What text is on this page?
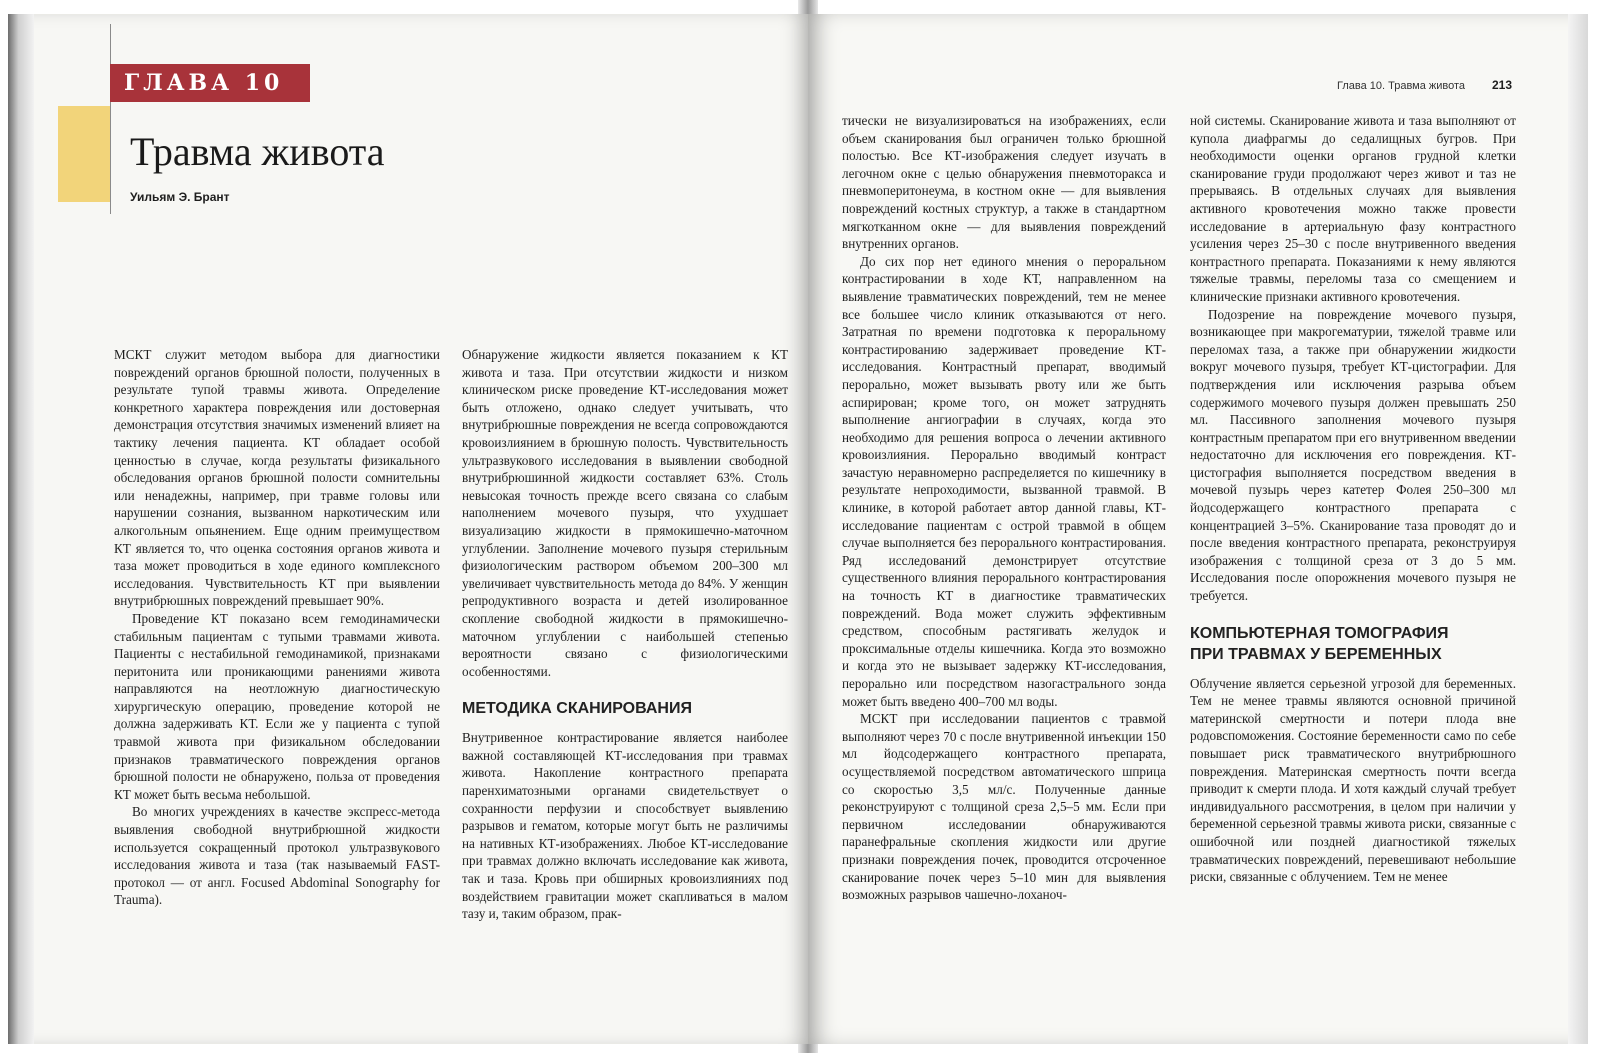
ГЛАВА 10
Травма живота
Уильям Э. Брант

МСКТ служит методом выбора для диагностики повреждений органов брюшной полости, полученных в результате тупой травмы живота. Определение конкретного характера повреждения или достоверная демонстрация отсутствия значимых изменений влияет на тактику лечения пациента. КТ обладает особой ценностью в случае, когда результаты физикального обследования органов брюшной полости сомнительны или ненадежны, например, при травме головы или нарушении сознания, вызванном наркотическим или алкогольным опьянением. Еще одним преимуществом КТ является то, что оценка состояния органов живота и таза может проводиться в ходе единого комплексного исследования. Чувствительность КТ при выявлении внутрибрюшных повреждений превышает 90%.

Проведение КТ показано всем гемодинамически стабильным пациентам с тупыми травмами живота. Пациенты с нестабильной гемодинамикой, признаками перитонита или проникающими ранениями живота направляются на неотложную диагностическую хирургическую операцию, проведение которой не должна задерживать КТ. Если же у пациента с тупой травмой живота при физикальном обследовании признаков травматического повреждения органов брюшной полости не обнаружено, польза от проведения КТ может быть весьма небольшой.

Во многих учреждениях в качестве экспресс-метода выявления свободной внутрибрюшной жидкости используется сокращенный протокол ультразвукового исследования живота и таза (так называемый FAST-протокол — от англ. Focused Abdominal Sonography for Trauma).

Обнаружение жидкости является показанием к КТ живота и таза. При отсутствии жидкости и низком клиническом риске проведение КТ-исследования может быть отложено, однако следует учитывать, что внутрибрюшные повреждения не всегда сопровождаются кровоизлиянием в брюшную полость. Чувствительность ультразвукового исследования в выявлении свободной внутрибрюшинной жидкости составляет 63%. Столь невысокая точность прежде всего связана со слабым наполнением мочевого пузыря, что ухудшает визуализацию жидкости в прямокишечно-маточном углублении. Заполнение мочевого пузыря стерильным физиологическим раствором объемом 200–300 мл увеличивает чувствительность метода до 84%. У женщин репродуктивного возраста и детей изолированное скопление свободной жидкости в прямокишечно-маточном углублении с наибольшей степенью вероятности связано с физиологическими особенностями.

МЕТОДИКА СКАНИРОВАНИЯ

Внутривенное контрастирование является наиболее важной составляющей КТ-исследования при травмах живота. Накопление контрастного препарата паренхиматозными органами свидетельствует о сохранности перфузии и способствует выявлению разрывов и гематом, которые могут быть не различимы на нативных КТ-изображениях. Любое КТ-исследование при травмах должно включать исследование как живота, так и таза. Кровь при обширных кровоизлияниях под воздействием гравитации может скапливаться в малом тазу и, таким образом, прак-

Глава 10. Травма живота 213

тически не визуализироваться на изображениях, если объем сканирования был ограничен только брюшной полостью. Все КТ-изображения следует изучать в легочном окне с целью обнаружения пневмоторакса и пневмоперитонеума, в костном окне — для выявления повреждений костных структур, а также в стандартном мягкотканном окне — для выявления повреждений внутренних органов.

До сих пор нет единого мнения о пероральном контрастировании в ходе КТ, направленном на выявление травматических повреждений, тем не менее все большее число клиник отказываются от него. Затратная по времени подготовка к пероральному контрастированию задерживает проведение КТ-исследования. Контрастный препарат, вводимый перорально, может вызывать рвоту или же быть аспирирован; кроме того, он может затруднять выполнение ангиографии в случаях, когда это необходимо для решения вопроса о лечении активного кровоизлияния. Перорально вводимый контраст зачастую неравномерно распределяется по кишечнику в результате непроходимости, вызванной травмой. В клинике, в которой работает автор данной главы, КТ-исследование пациентам с острой травмой в общем случае выполняется без перорального контрастирования. Ряд исследований демонстрирует отсутствие существенного влияния перорального контрастирования на точность КТ в диагностике травматических повреждений. Вода может служить эффективным средством, способным растягивать желудок и проксимальные отделы кишечника. Когда это возможно и когда это не вызывает задержку КТ-исследования, перорально или посредством назогастрального зонда может быть введено 400–700 мл воды.

МСКТ при исследовании пациентов с травмой выполняют через 70 с после внутривенной инъекции 150 мл йодсодержащего контрастного препарата, осуществляемой посредством автоматического шприца со скоростью 3,5 мл/с. Полученные данные реконструируют с толщиной среза 2,5–5 мм. Если при первичном исследовании обнаруживаются паранефральные скопления жидкости или другие признаки повреждения почек, проводится отсроченное сканирование почек через 5–10 мин для выявления возможных разрывов чашечно-лоханоч-

ной системы. Сканирование живота и таза выполняют от купола диафрагмы до седалищных бугров. При необходимости оценки органов грудной клетки сканирование груди продолжают через живот и таз не прерываясь. В отдельных случаях для выявления активного кровотечения можно также провести исследование в артериальную фазу контрастного усиления через 25–30 с после внутривенного введения контрастного препарата. Показаниями к нему являются тяжелые травмы, переломы таза со смещением и клинические признаки активного кровотечения.

Подозрение на повреждение мочевого пузыря, возникающее при макрогематурии, тяжелой травме или переломах таза, а также при обнаружении жидкости вокруг мочевого пузыря, требует КТ-цистографии. Для подтверждения или исключения разрыва объем содержимого мочевого пузыря должен превышать 250 мл. Пассивного заполнения мочевого пузыря контрастным препаратом при его внутривенном введении недостаточно для исключения его повреждения. КТ-цистография выполняется посредством введения в мочевой пузырь через катетер Фолея 250–300 мл йодсодержащего контрастного препарата с концентрацией 3–5%. Сканирование таза проводят до и после введения контрастного препарата, реконструируя изображения с толщиной среза от 3 до 5 мм. Исследования после опорожнения мочевого пузыря не требуется.

КОМПЬЮТЕРНАЯ ТОМОГРАФИЯ
ПРИ ТРАВМАХ У БЕРЕМЕННЫХ

Облучение является серьезной угрозой для беременных. Тем не менее травмы являются основной причиной материнской смертности и потери плода вне родовспоможения. Состояние беременности само по себе повышает риск травматического внутрибрюшного повреждения. Материнская смертность почти всегда приводит к смерти плода. И хотя каждый случай требует индивидуального рассмотрения, в целом при наличии у беременной серьезной травмы живота риски, связанные с ошибочной или поздней диагностикой тяжелых травматических повреждений, перевешивают небольшие риски, связанные с облучением. Тем не менее
